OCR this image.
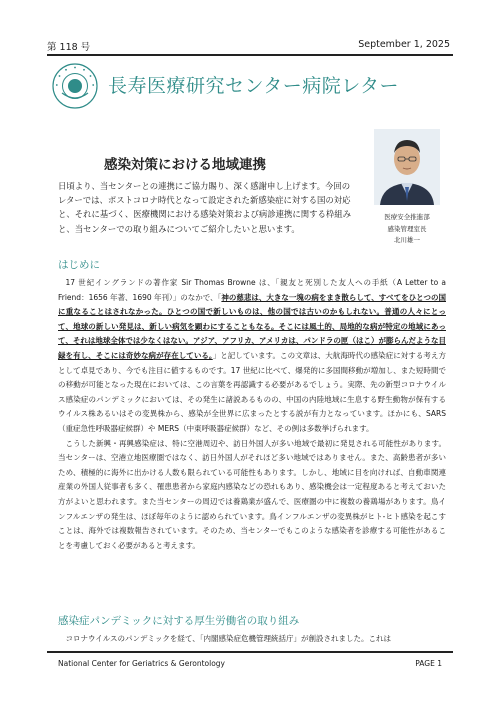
第 118 号	September 1, 2025
長寿医療研究センター病院レター
感染対策における地域連携
医療安全推進部
感染管理室長
北川雄一

日頃より、当センターとの連携にご協力賜り、深く感謝申し上げます。今回のレターでは、ポストコロナ時代となって設定された新感染症に対する国の対応と、それに基づく、医療機関における感染対策および病診連携に関する枠組みと、当センターでの取り組みについてご紹介したいと思います。

はじめに

17 世紀イングランドの著作家 Sir Thomas Browne は、「親友と死別した友人への手紙（A Letter to a Friend：1656 年著、1690 年刊）」のなかで、「神の慈悲は、大きな一塊の病をまき散らして、すべてをひとつの国に重なることはされなかった。ひとつの国で新しいものは、他の国では古いのかもしれない。普通の人々にとって、地球の新しい発見は、新しい病気を顕わにすることもなる。そこには風土的、局地的な病が特定の地域にあって、それは地球全体では少なくはない。アジア、アフリカ、アメリカは、パンドラの匣（はこ）が膨らんだような目録を有し、そこには奇妙な病が存在している。」と記しています。この文章は、大航海時代の感染症に対する考え方として卓見であり、今でも注目に値するものです。17 世紀に比べて、爆発的に多国間移動が増加し、また短時間での移動が可能となった現在においては、この言葉を再認識する必要があるでしょう。実際、先の新型コロナウイルス感染症のパンデミックにおいては、その発生に諸説あるものの、中国の内陸地域に生息する野生動物が保有するウイルス株あるいはその変異株から、感染が全世界に広まったとする説が有力となっています。ほかにも、SARS（重症急性呼吸器症候群）や MERS（中東呼吸器症候群）など、その例は多数挙げられます。

こうした新興・再興感染症は、特に空港周辺や、訪日外国人が多い地域で最初に発見される可能性があります。当センターは、空港立地医療圏ではなく、訪日外国人がそれほど多い地域ではありません。また、高齢患者が多いため、積極的に海外に出かける人数も限られている可能性もあります。しかし、地域に目を向ければ、自動車関連産業の外国人従事者も多く、罹患患者から家庭内感染などの恐れもあり、感染機会は一定程度あると考えておいた方がよいと思われます。また当センターの周辺では養鶏業が盛んで、医療圏の中に複数の養鶏場があります。鳥インフルエンザの発生は、ほぼ毎年のように認められています。鳥インフルエンザの変異株がヒト-ヒト感染を起こすことは、海外では複数報告されています。そのため、当センターでもこのような感染者を診療する可能性があることを考慮しておく必要があると考えます。

感染症パンデミックに対する厚生労働省の取り組み
コロナウイルスのパンデミックを経て、「内閣感染症危機管理統括庁」が創設されました。これは
National Center for Geriatrics & Gerontology	PAGE 1
